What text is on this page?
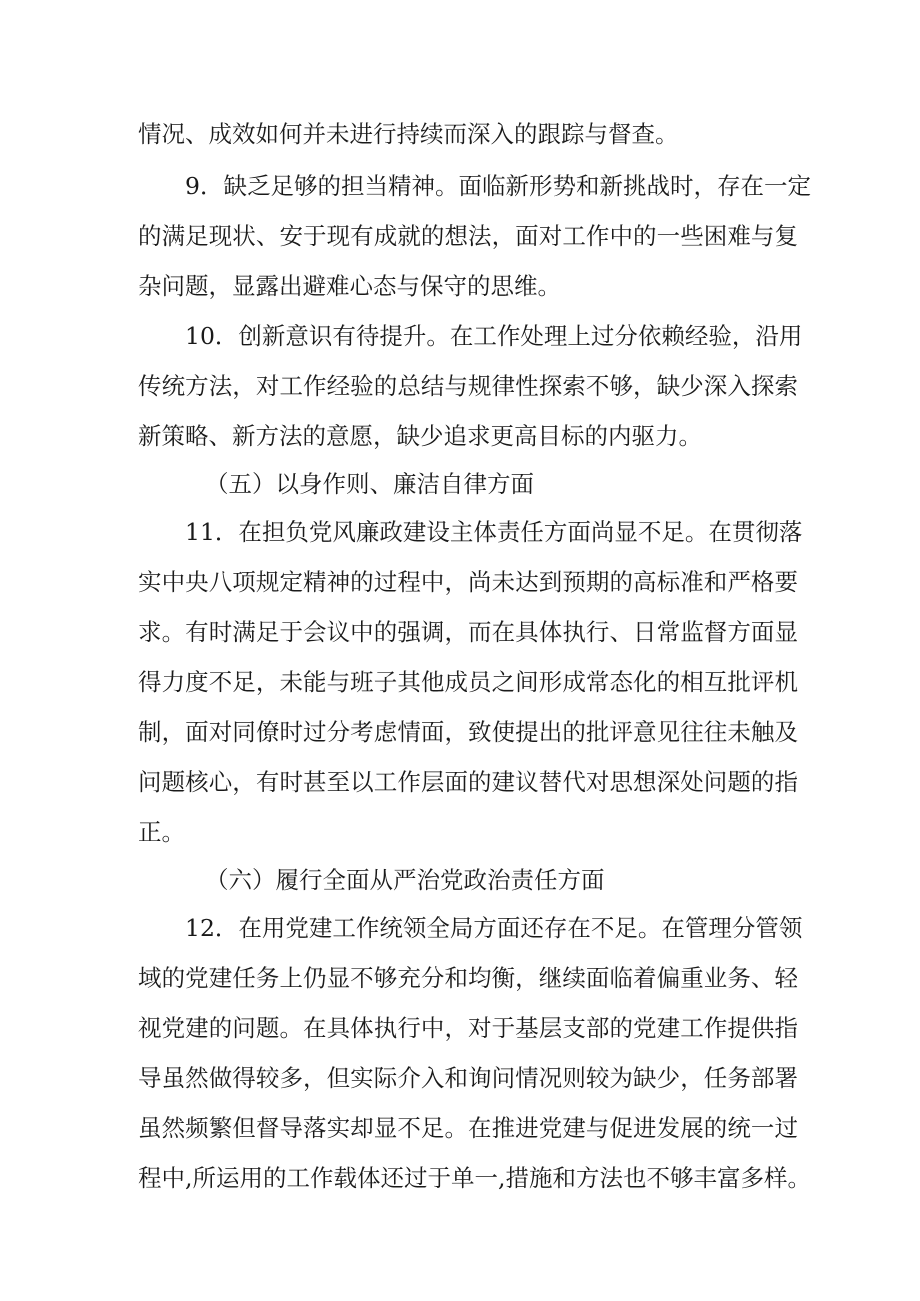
情况、成效如何并未进行持续而深入的跟踪与督查。
9．缺乏足够的担当精神。面临新形势和新挑战时，存在一定
的满足现状、安于现有成就的想法，面对工作中的一些困难与复
杂问题，显露出避难心态与保守的思维。
10．创新意识有待提升。在工作处理上过分依赖经验，沿用
传统方法，对工作经验的总结与规律性探索不够，缺少深入探索
新策略、新方法的意愿，缺少追求更高目标的内驱力。
（五）以身作则、廉洁自律方面
11．在担负党风廉政建设主体责任方面尚显不足。在贯彻落
实中央八项规定精神的过程中，尚未达到预期的高标准和严格要
求。有时满足于会议中的强调，而在具体执行、日常监督方面显
得力度不足，未能与班子其他成员之间形成常态化的相互批评机
制，面对同僚时过分考虑情面，致使提出的批评意见往往未触及
问题核心，有时甚至以工作层面的建议替代对思想深处问题的指
正。
（六）履行全面从严治党政治责任方面
12．在用党建工作统领全局方面还存在不足。在管理分管领
域的党建任务上仍显不够充分和均衡，继续面临着偏重业务、轻
视党建的问题。在具体执行中，对于基层支部的党建工作提供指
导虽然做得较多，但实际介入和询问情况则较为缺少，任务部署
虽然频繁但督导落实却显不足。在推进党建与促进发展的统一过
程中,所运用的工作载体还过于单一,措施和方法也不够丰富多样。
